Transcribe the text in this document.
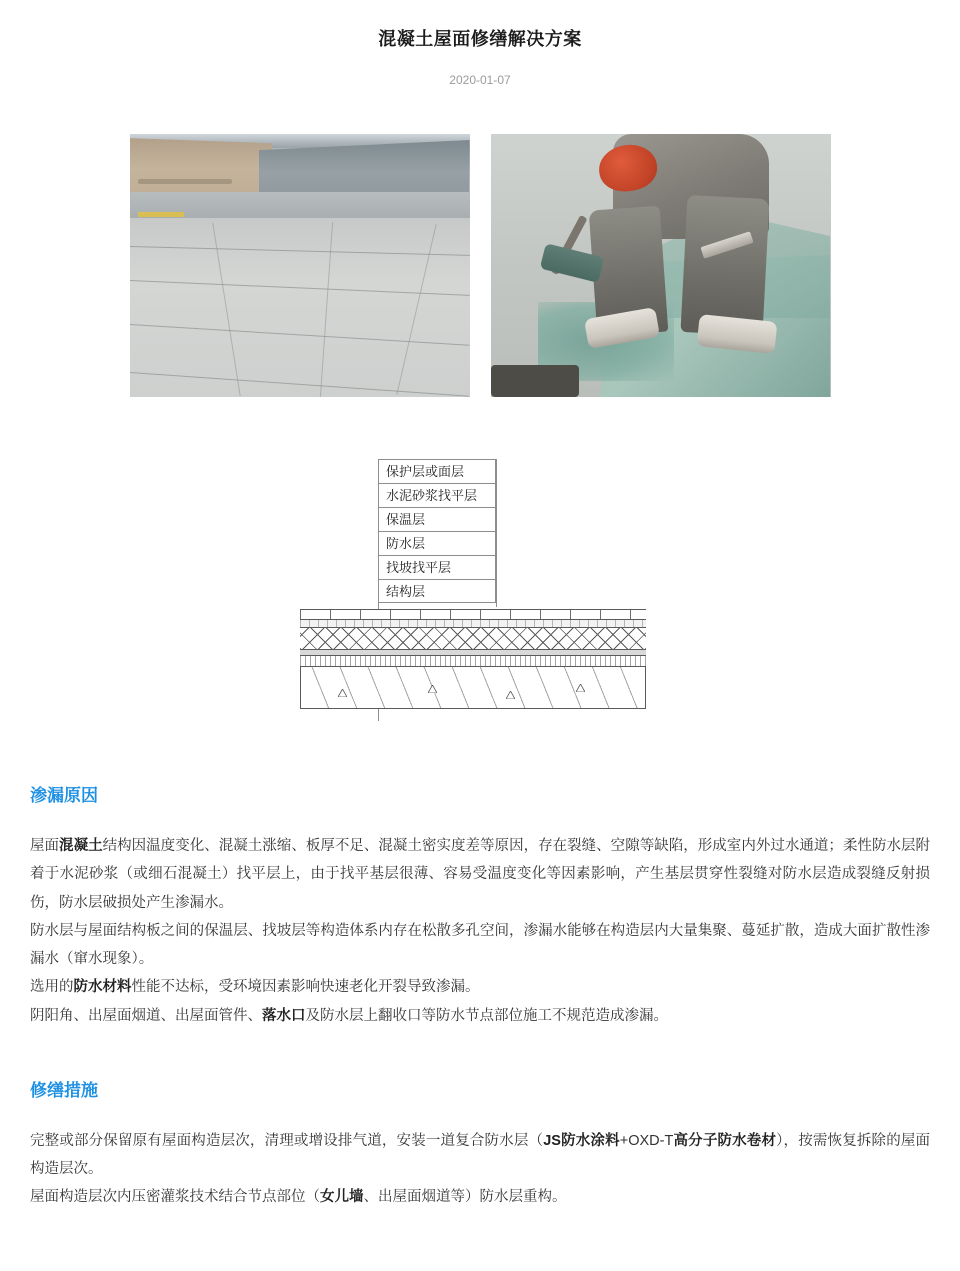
混凝土屋面修缮解决方案
2020-01-07
保护层或面层
水泥砂浆找平层
保温层
防水层
找坡找平层
结构层
渗漏原因

屋面混凝土结构因温度变化、混凝土涨缩、板厚不足、混凝土密实度差等原因，存在裂缝、空隙等缺陷，形成室内外过水通道；柔性防水层附着于水泥砂浆（或细石混凝土）找平层上，由于找平基层很薄、容易受温度变化等因素影响，产生基层贯穿性裂缝对防水层造成裂缝反射损伤，防水层破损处产生渗漏水。

防水层与屋面结构板之间的保温层、找坡层等构造体系内存在松散多孔空间，渗漏水能够在构造层内大量集聚、蔓延扩散，造成大面扩散性渗漏水（窜水现象）。

选用的防水材料性能不达标，受环境因素影响快速老化开裂导致渗漏。

阴阳角、出屋面烟道、出屋面管件、落水口及防水层上翻收口等防水节点部位施工不规范造成渗漏。

修缮措施

完整或部分保留原有屋面构造层次，清理或增设排气道，安装一道复合防水层（JS防水涂料+OXD-T高分子防水卷材），按需恢复拆除的屋面构造层次。

屋面构造层次内压密灌浆技术结合节点部位（女儿墙、出屋面烟道等）防水层重构。
